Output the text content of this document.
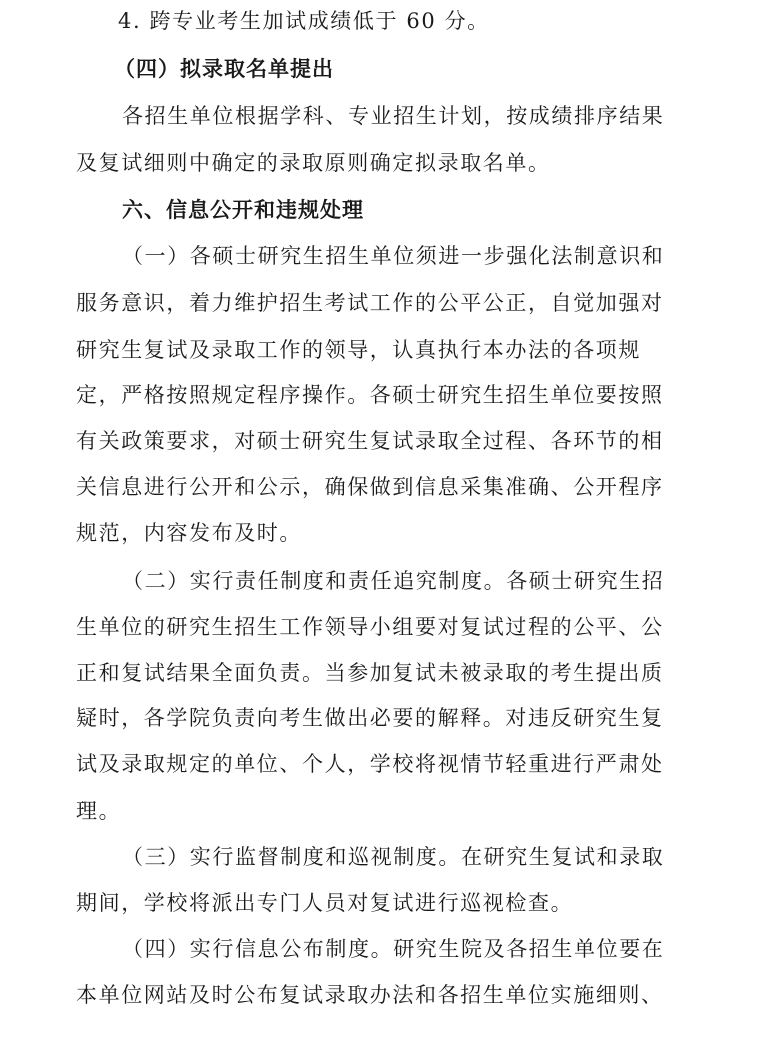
4. 跨专业考生加试成绩低于 60 分。
（四）拟录取名单提出
各招生单位根据学科、专业招生计划，按成绩排序结果
及复试细则中确定的录取原则确定拟录取名单。
六、信息公开和违规处理
（一）各硕士研究生招生单位须进一步强化法制意识和
服务意识，着力维护招生考试工作的公平公正，自觉加强对
研究生复试及录取工作的领导，认真执行本办法的各项规
定，严格按照规定程序操作。各硕士研究生招生单位要按照
有关政策要求，对硕士研究生复试录取全过程、各环节的相
关信息进行公开和公示，确保做到信息采集准确、公开程序
规范，内容发布及时。
（二）实行责任制度和责任追究制度。各硕士研究生招
生单位的研究生招生工作领导小组要对复试过程的公平、公
正和复试结果全面负责。当参加复试未被录取的考生提出质
疑时，各学院负责向考生做出必要的解释。对违反研究生复
试及录取规定的单位、个人，学校将视情节轻重进行严肃处
理。
（三）实行监督制度和巡视制度。在研究生复试和录取
期间，学校将派出专门人员对复试进行巡视检查。
（四）实行信息公布制度。研究生院及各招生单位要在
本单位网站及时公布复试录取办法和各招生单位实施细则、
